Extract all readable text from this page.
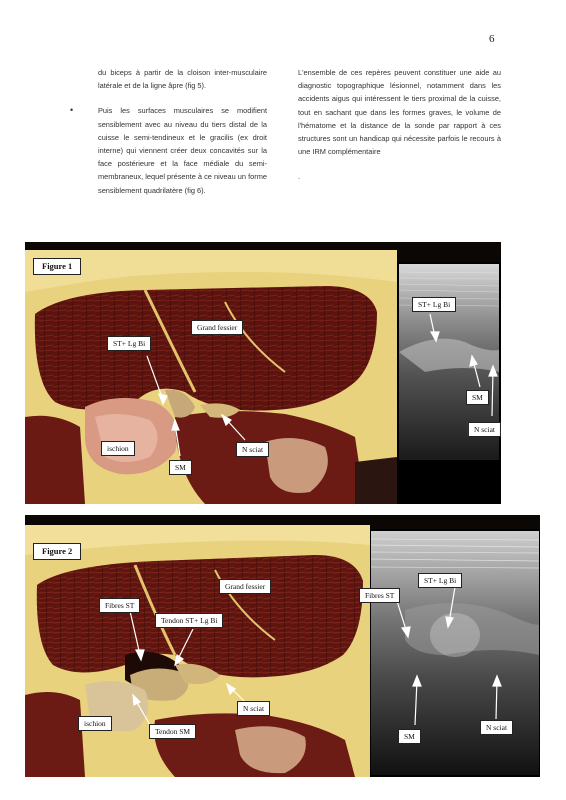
6

du biceps à partir de la cloison inter-musculaire latérale et de la ligne âpre (fig 5).

•	Puis les surfaces musculaires se modifient sensiblement avec au niveau du tiers distal de la cuisse le semi-tendineux et le gracilis (ex droit interne) qui viennent créer deux concavités sur la face postérieure et la face médiale du semi-membraneux, lequel présente à ce niveau un forme sensiblement quadrilatère (fig 6).

L'ensemble de ces repères peuvent constituer une aide au diagnostic topographique lésionnel, notamment dans les accidents aigus qui intéressent le tiers proximal de la cuisse, tout en sachant que dans les formes graves, le volume de l'hématome et la distance de la sonde par rapport à ces structures sont un handicap qui nécessite parfois le recours à une IRM complémentaire

.

Figure 1
Grand fessier
ST+ Lg Bi
ischion
SM
N sciat
ST+ Lg Bi
SM
N sciat
Figure 2
Grand fessier
Fibres ST
Tendon ST+ Lg Bi
N sciat
ischion
Tendon SM
ST+ Lg Bi
Fibres ST
SM
N sciat
